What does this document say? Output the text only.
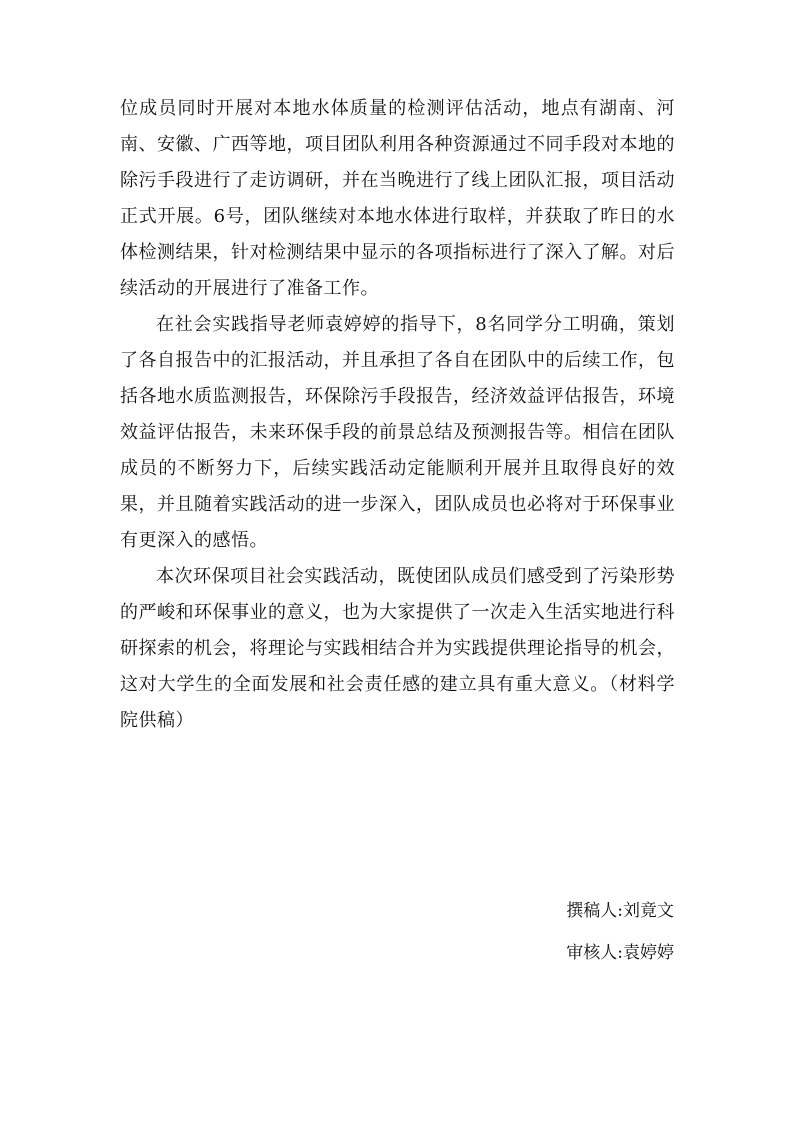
位成员同时开展对本地水体质量的检测评估活动，地点有湖南、河南、安徽、广西等地，项目团队利用各种资源通过不同手段对本地的除污手段进行了走访调研，并在当晚进行了线上团队汇报，项目活动正式开展。6号，团队继续对本地水体进行取样，并获取了昨日的水体检测结果，针对检测结果中显示的各项指标进行了深入了解。对后续活动的开展进行了准备工作。

在社会实践指导老师袁婷婷的指导下，8名同学分工明确，策划了各自报告中的汇报活动，并且承担了各自在团队中的后续工作，包括各地水质监测报告，环保除污手段报告，经济效益评估报告，环境效益评估报告，未来环保手段的前景总结及预测报告等。相信在团队成员的不断努力下，后续实践活动定能顺利开展并且取得良好的效果，并且随着实践活动的进一步深入，团队成员也必将对于环保事业有更深入的感悟。

本次环保项目社会实践活动，既使团队成员们感受到了污染形势的严峻和环保事业的意义，也为大家提供了一次走入生活实地进行科研探索的机会，将理论与实践相结合并为实践提供理论指导的机会，这对大学生的全面发展和社会责任感的建立具有重大意义。（材料学院供稿）

撰稿人:刘竟文
审核人:袁婷婷
